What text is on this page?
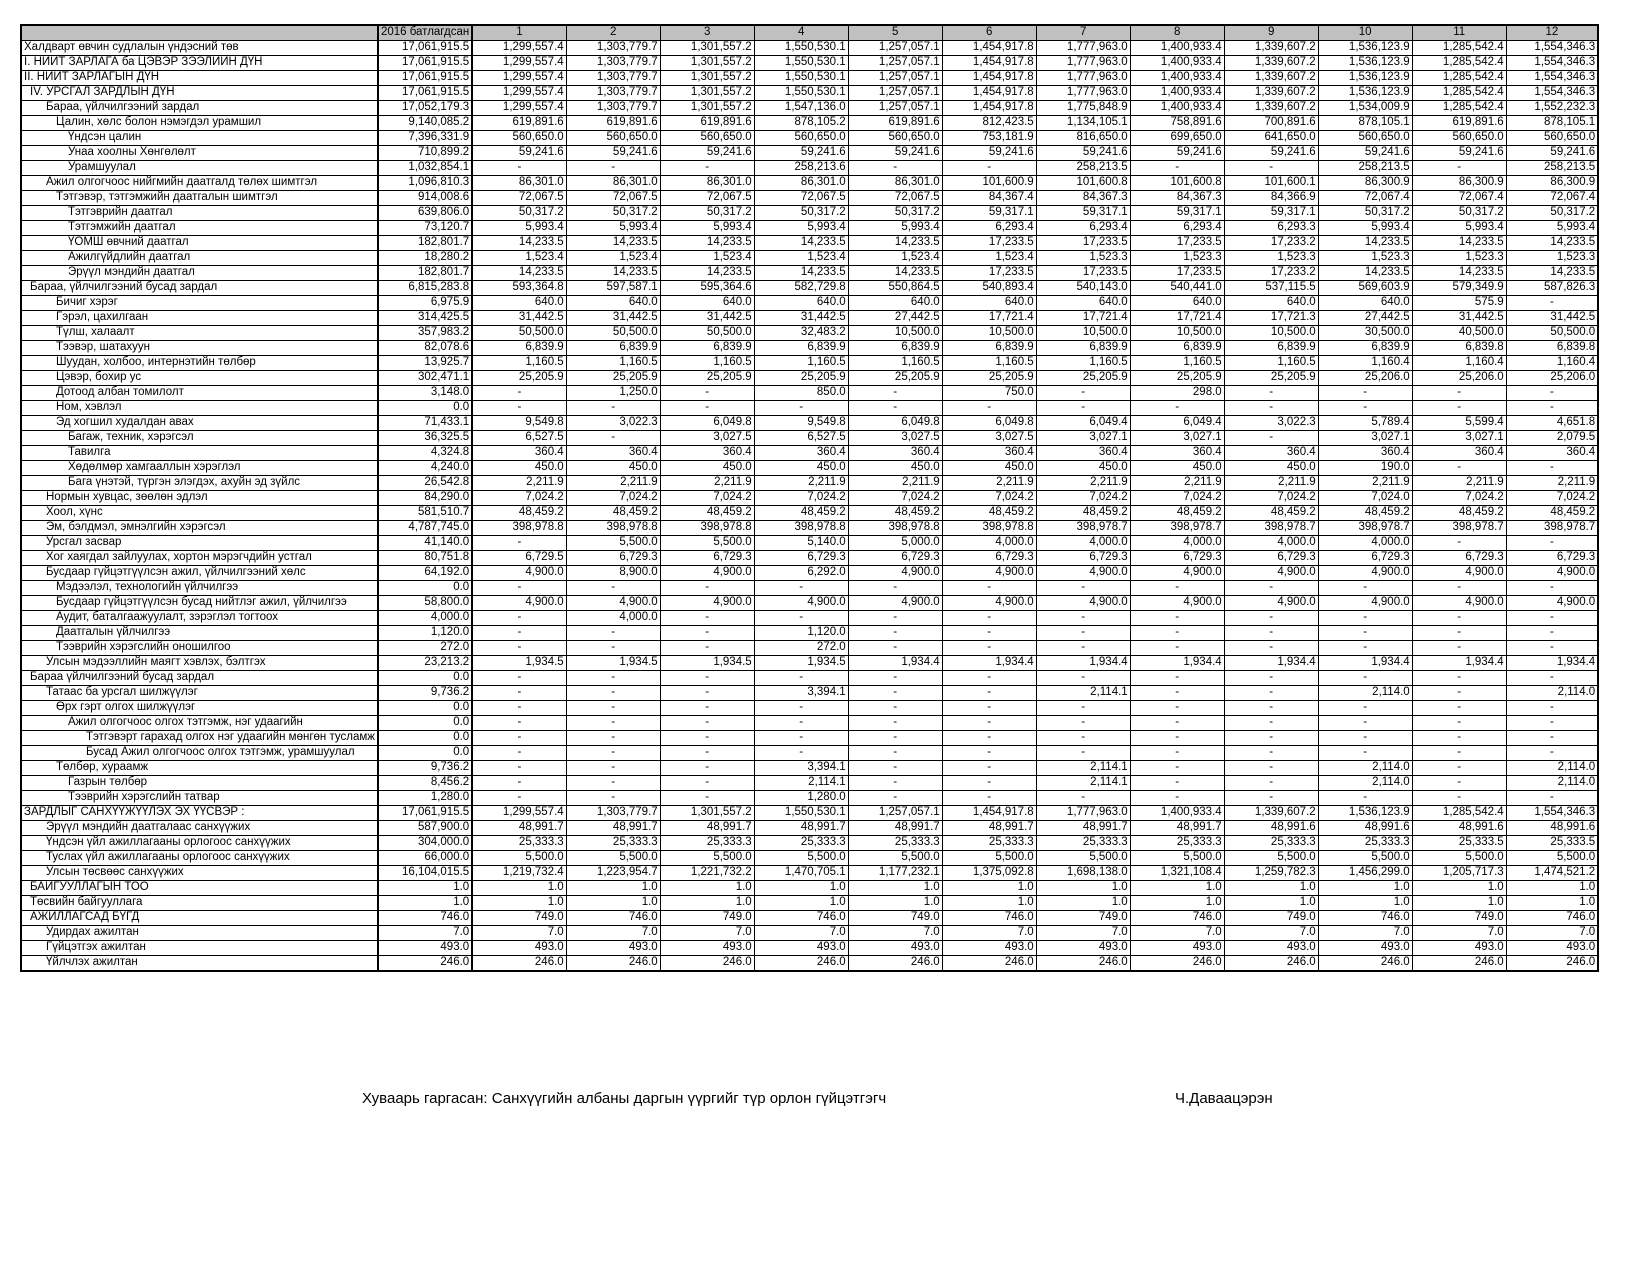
	2016 батлагдсан	1	2	3	4	5	6	7	8	9	10	11	12
Халдварт өвчин судлалын үндэсний төв	17,061,915.5	1,299,557.4	1,303,779.7	1,301,557.2	1,550,530.1	1,257,057.1	1,454,917.8	1,777,963.0	1,400,933.4	1,339,607.2	1,536,123.9	1,285,542.4	1,554,346.3
I. НИЙТ ЗАРЛАГА ба ЦЭВЭР ЗЭЭЛИЙН ДҮН	17,061,915.5	1,299,557.4	1,303,779.7	1,301,557.2	1,550,530.1	1,257,057.1	1,454,917.8	1,777,963.0	1,400,933.4	1,339,607.2	1,536,123.9	1,285,542.4	1,554,346.3
II. НИЙТ ЗАРЛАГЫН ДҮН	17,061,915.5	1,299,557.4	1,303,779.7	1,301,557.2	1,550,530.1	1,257,057.1	1,454,917.8	1,777,963.0	1,400,933.4	1,339,607.2	1,536,123.9	1,285,542.4	1,554,346.3
IV. УРСГАЛ ЗАРДЛЫН ДҮН	17,061,915.5	1,299,557.4	1,303,779.7	1,301,557.2	1,550,530.1	1,257,057.1	1,454,917.8	1,777,963.0	1,400,933.4	1,339,607.2	1,536,123.9	1,285,542.4	1,554,346.3
Бараа, үйлчилгээний зардал	17,052,179.3	1,299,557.4	1,303,779.7	1,301,557.2	1,547,136.0	1,257,057.1	1,454,917.8	1,775,848.9	1,400,933.4	1,339,607.2	1,534,009.9	1,285,542.4	1,552,232.3
Цалин, хөлс болон нэмэгдэл урамшил	9,140,085.2	619,891.6	619,891.6	619,891.6	878,105.2	619,891.6	812,423.5	1,134,105.1	758,891.6	700,891.6	878,105.1	619,891.6	878,105.1
Үндсэн цалин	7,396,331.9	560,650.0	560,650.0	560,650.0	560,650.0	560,650.0	753,181.9	816,650.0	699,650.0	641,650.0	560,650.0	560,650.0	560,650.0
Унаа хоолны Хөнгөлөлт	710,899.2	59,241.6	59,241.6	59,241.6	59,241.6	59,241.6	59,241.6	59,241.6	59,241.6	59,241.6	59,241.6	59,241.6	59,241.6
Урамшуулал	1,032,854.1	-	-	-	258,213.6	-	-	258,213.5	-	-	258,213.5	-	258,213.5
Ажил олгогчоос нийгмийн даатгалд төлөх шимтгэл	1,096,810.3	86,301.0	86,301.0	86,301.0	86,301.0	86,301.0	101,600.9	101,600.8	101,600.8	101,600.1	86,300.9	86,300.9	86,300.9
Тэтгэвэр, тэтгэмжийн даатгалын шимтгэл	914,008.6	72,067.5	72,067.5	72,067.5	72,067.5	72,067.5	84,367.4	84,367.3	84,367.3	84,366.9	72,067.4	72,067.4	72,067.4
Тэтгэврийн даатгал	639,806.0	50,317.2	50,317.2	50,317.2	50,317.2	50,317.2	59,317.1	59,317.1	59,317.1	59,317.1	50,317.2	50,317.2	50,317.2
Тэтгэмжийн даатгал	73,120.7	5,993.4	5,993.4	5,993.4	5,993.4	5,993.4	6,293.4	6,293.4	6,293.4	6,293.3	5,993.4	5,993.4	5,993.4
ҮОМШ өвчний даатгал	182,801.7	14,233.5	14,233.5	14,233.5	14,233.5	14,233.5	17,233.5	17,233.5	17,233.5	17,233.2	14,233.5	14,233.5	14,233.5
Ажилгүйдлийн даатгал	18,280.2	1,523.4	1,523.4	1,523.4	1,523.4	1,523.4	1,523.4	1,523.3	1,523.3	1,523.3	1,523.3	1,523.3	1,523.3
Эрүүл мэндийн даатгал	182,801.7	14,233.5	14,233.5	14,233.5	14,233.5	14,233.5	17,233.5	17,233.5	17,233.5	17,233.2	14,233.5	14,233.5	14,233.5
Бараа, үйлчилгээний бусад зардал	6,815,283.8	593,364.8	597,587.1	595,364.6	582,729.8	550,864.5	540,893.4	540,143.0	540,441.0	537,115.5	569,603.9	579,349.9	587,826.3
Бичиг хэрэг	6,975.9	640.0	640.0	640.0	640.0	640.0	640.0	640.0	640.0	640.0	640.0	575.9	-
Гэрэл, цахилгаан	314,425.5	31,442.5	31,442.5	31,442.5	31,442.5	27,442.5	17,721.4	17,721.4	17,721.4	17,721.3	27,442.5	31,442.5	31,442.5
Түлш, халаалт	357,983.2	50,500.0	50,500.0	50,500.0	32,483.2	10,500.0	10,500.0	10,500.0	10,500.0	10,500.0	30,500.0	40,500.0	50,500.0
Тээвэр, шатахуун	82,078.6	6,839.9	6,839.9	6,839.9	6,839.9	6,839.9	6,839.9	6,839.9	6,839.9	6,839.9	6,839.9	6,839.8	6,839.8
Шуудан, холбоо, интернэтийн төлбөр	13,925.7	1,160.5	1,160.5	1,160.5	1,160.5	1,160.5	1,160.5	1,160.5	1,160.5	1,160.5	1,160.4	1,160.4	1,160.4
Цэвэр, бохир ус	302,471.1	25,205.9	25,205.9	25,205.9	25,205.9	25,205.9	25,205.9	25,205.9	25,205.9	25,205.9	25,206.0	25,206.0	25,206.0
Дотоод албан томилолт	3,148.0	-	1,250.0	-	850.0	-	750.0	-	298.0	-	-	-	-
Ном, хэвлэл	0.0	-	-	-	-	-	-	-	-	-	-	-	-
Эд хогшил худалдан авах	71,433.1	9,549.8	3,022.3	6,049.8	9,549.8	6,049.8	6,049.8	6,049.4	6,049.4	3,022.3	5,789.4	5,599.4	4,651.8
Багаж, техник, хэрэгсэл	36,325.5	6,527.5	-	3,027.5	6,527.5	3,027.5	3,027.5	3,027.1	3,027.1	-	3,027.1	3,027.1	2,079.5
Тавилга	4,324.8	360.4	360.4	360.4	360.4	360.4	360.4	360.4	360.4	360.4	360.4	360.4	360.4
Хөдөлмөр хамгааллын хэрэглэл	4,240.0	450.0	450.0	450.0	450.0	450.0	450.0	450.0	450.0	450.0	190.0	-	-
Бага үнэтэй, түргэн элэгдэх, ахуйн эд зүйлс	26,542.8	2,211.9	2,211.9	2,211.9	2,211.9	2,211.9	2,211.9	2,211.9	2,211.9	2,211.9	2,211.9	2,211.9	2,211.9
Нормын хувцас, зөөлөн эдлэл	84,290.0	7,024.2	7,024.2	7,024.2	7,024.2	7,024.2	7,024.2	7,024.2	7,024.2	7,024.2	7,024.0	7,024.2	7,024.2
Хоол, хүнс	581,510.7	48,459.2	48,459.2	48,459.2	48,459.2	48,459.2	48,459.2	48,459.2	48,459.2	48,459.2	48,459.2	48,459.2	48,459.2
Эм, бэлдмэл, эмнэлгийн хэрэгсэл	4,787,745.0	398,978.8	398,978.8	398,978.8	398,978.8	398,978.8	398,978.8	398,978.7	398,978.7	398,978.7	398,978.7	398,978.7	398,978.7
Урсгал засвар	41,140.0	-	5,500.0	5,500.0	5,140.0	5,000.0	4,000.0	4,000.0	4,000.0	4,000.0	4,000.0	-	-
Хог хаягдал зайлуулах, хортон мэрэгчдийн устгал	80,751.8	6,729.5	6,729.3	6,729.3	6,729.3	6,729.3	6,729.3	6,729.3	6,729.3	6,729.3	6,729.3	6,729.3	6,729.3
Бусдаар гүйцэтгүүлсэн ажил, үйлчилгээний хөлс	64,192.0	4,900.0	8,900.0	4,900.0	6,292.0	4,900.0	4,900.0	4,900.0	4,900.0	4,900.0	4,900.0	4,900.0	4,900.0
Мэдээлэл, технологийн үйлчилгээ	0.0	-	-	-	-	-	-	-	-	-	-	-	-
Бусдаар гүйцэтгүүлсэн бусад нийтлэг ажил, үйлчилгээ	58,800.0	4,900.0	4,900.0	4,900.0	4,900.0	4,900.0	4,900.0	4,900.0	4,900.0	4,900.0	4,900.0	4,900.0	4,900.0
Аудит, баталгаажуулалт, зэрэглэл тогтоох	4,000.0	-	4,000.0	-	-	-	-	-	-	-	-	-	-
Даатгалын үйлчилгээ	1,120.0	-	-	-	1,120.0	-	-	-	-	-	-	-	-
Тээврийн хэрэгслийн оношилгоо	272.0	-	-	-	272.0	-	-	-	-	-	-	-	-
Улсын мэдээллийн маягт хэвлэх, бэлтгэх	23,213.2	1,934.5	1,934.5	1,934.5	1,934.5	1,934.4	1,934.4	1,934.4	1,934.4	1,934.4	1,934.4	1,934.4	1,934.4
Бараа үйлчилгээний бусад зардал	0.0	-	-	-	-	-	-	-	-	-	-	-	-
Татаас ба урсгал шилжүүлэг	9,736.2	-	-	-	3,394.1	-	-	2,114.1	-	-	2,114.0	-	2,114.0
Өрх гэрт олгох шилжүүлэг	0.0	-	-	-	-	-	-	-	-	-	-	-	-
Ажил олгогчоос олгох тэтгэмж, нэг удаагийн	0.0	-	-	-	-	-	-	-	-	-	-	-	-
Тэтгэвэрт гарахад олгох нэг удаагийн мөнгөн тусламж	0.0	-	-	-	-	-	-	-	-	-	-	-	-
Бусад Ажил олгогчоос олгох тэтгэмж, урамшуулал	0.0	-	-	-	-	-	-	-	-	-	-	-	-
Төлбөр, хураамж	9,736.2	-	-	-	3,394.1	-	-	2,114.1	-	-	2,114.0	-	2,114.0
Газрын төлбөр	8,456.2	-	-	-	2,114.1	-	-	2,114.1	-	-	2,114.0	-	2,114.0
Тээврийн хэрэгслийн татвар	1,280.0	-	-	-	1,280.0	-	-	-	-	-	-	-	-
ЗАРДЛЫГ САНХҮҮЖҮҮЛЭХ ЭХ ҮҮСВЭР :	17,061,915.5	1,299,557.4	1,303,779.7	1,301,557.2	1,550,530.1	1,257,057.1	1,454,917.8	1,777,963.0	1,400,933.4	1,339,607.2	1,536,123.9	1,285,542.4	1,554,346.3
Эрүүл мэндийн даатгалаас санхүүжих	587,900.0	48,991.7	48,991.7	48,991.7	48,991.7	48,991.7	48,991.7	48,991.7	48,991.7	48,991.6	48,991.6	48,991.6	48,991.6
Үндсэн үйл ажиллагааны орлогоос санхүүжих	304,000.0	25,333.3	25,333.3	25,333.3	25,333.3	25,333.3	25,333.3	25,333.3	25,333.3	25,333.3	25,333.3	25,333.5	25,333.5
Туслах үйл ажиллагааны орлогоос санхүүжих	66,000.0	5,500.0	5,500.0	5,500.0	5,500.0	5,500.0	5,500.0	5,500.0	5,500.0	5,500.0	5,500.0	5,500.0	5,500.0
Улсын төсвөөс санхүүжих	16,104,015.5	1,219,732.4	1,223,954.7	1,221,732.2	1,470,705.1	1,177,232.1	1,375,092.8	1,698,138.0	1,321,108.4	1,259,782.3	1,456,299.0	1,205,717.3	1,474,521.2
БАЙГУУЛЛАГЫН ТОО	1.0	1.0	1.0	1.0	1.0	1.0	1.0	1.0	1.0	1.0	1.0	1.0	1.0
Төсвийн байгууллага	1.0	1.0	1.0	1.0	1.0	1.0	1.0	1.0	1.0	1.0	1.0	1.0	1.0
АЖИЛЛАГСАД БҮГД	746.0	749.0	746.0	749.0	746.0	749.0	746.0	749.0	746.0	749.0	746.0	749.0	746.0
Удирдах ажилтан	7.0	7.0	7.0	7.0	7.0	7.0	7.0	7.0	7.0	7.0	7.0	7.0	7.0
Гүйцэтгэх ажилтан	493.0	493.0	493.0	493.0	493.0	493.0	493.0	493.0	493.0	493.0	493.0	493.0	493.0
Үйлчлэх ажилтан	246.0	246.0	246.0	246.0	246.0	246.0	246.0	246.0	246.0	246.0	246.0	246.0	246.0
Хуваарь гаргасан: Санхүүгийн албаны даргын үүргийг түр орлон гүйцэтгэгч	Ч.Даваацэрэн
